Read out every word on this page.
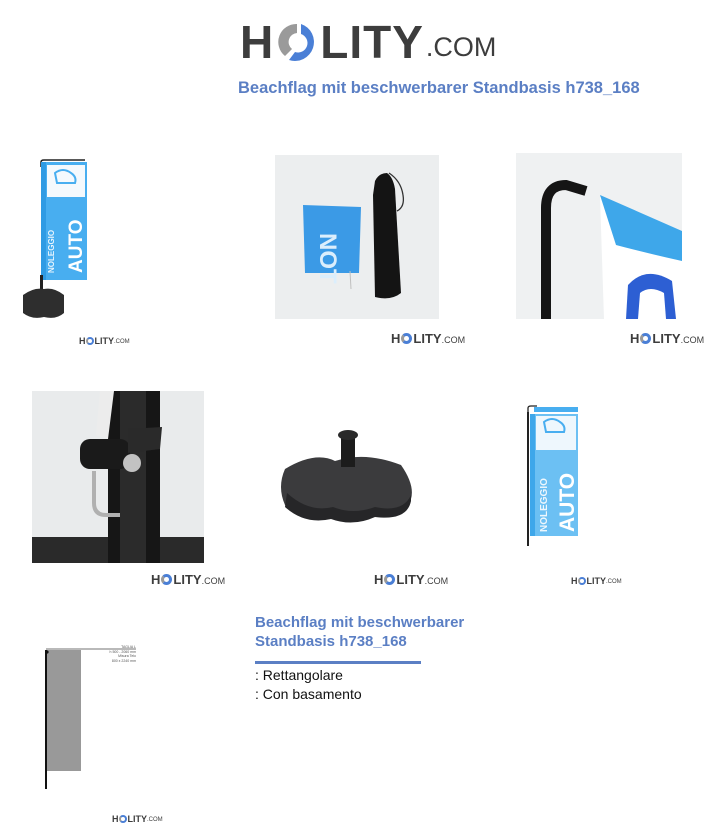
H LITY .COM
Beachflag mit beschwerbarer Standbasis h738_168
NOLEGGIO AUTO
H LITY .COM
NOT
H LITY .COM	H LITY .COM
H LITY .COM	H LITY .COM
NOLEGGIO AUTO
H LITY .COM
TAGLIA L
h 500 - 2060 mm
Misura Telo
800 x 2240 mm
H LITY .COM
Beachflag mit beschwerbarer Standbasis h738_168
: Rettangolare
: Con basamento
